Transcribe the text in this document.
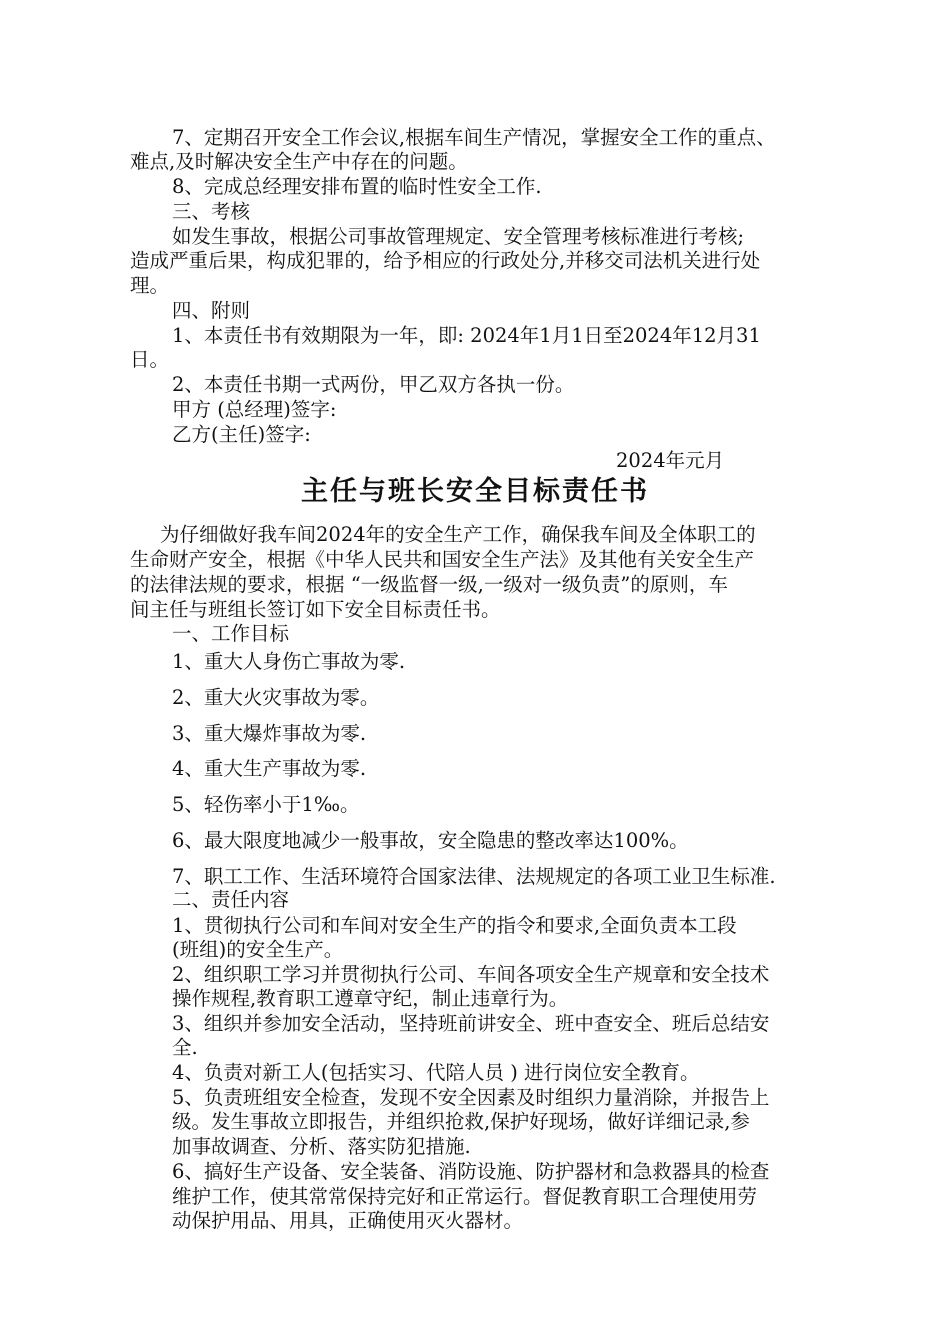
7、定期召开安全工作会议,根据车间生产情况，掌握安全工作的重点、
难点,及时解决安全生产中存在的问题。
8、完成总经理安排布置的临时性安全工作.
三、考核
如发生事故，根据公司事故管理规定、安全管理考核标准进行考核;
造成严重后果，构成犯罪的，给予相应的行政处分,并移交司法机关进行处
理。
四、附则
1、本责任书有效期限为一年，即: 2024年1月1日至2024年12月31
日。
2、本责任书期一式两份，甲乙双方各执一份。
甲方 (总经理)签字:
乙方(主任)签字:
2024年元月
主任与班长安全目标责任书
为仔细做好我车间2024年的安全生产工作，确保我车间及全体职工的
生命财产安全，根据《中华人民共和国安全生产法》及其他有关安全生产
的法律法规的要求，根据 “一级监督一级,一级对一级负责”的原则，车
间主任与班组长签订如下安全目标责任书。
一、工作目标
1、重大人身伤亡事故为零.
2、重大火灾事故为零。
3、重大爆炸事故为零.
4、重大生产事故为零.
5、轻伤率小于1‰。
6、最大限度地减少一般事故，安全隐患的整改率达100%。
7、职工工作、生活环境符合国家法律、法规规定的各项工业卫生标准.
二、责任内容
1、贯彻执行公司和车间对安全生产的指令和要求,全面负责本工段
(班组)的安全生产。
2、组织职工学习并贯彻执行公司、车间各项安全生产规章和安全技术
操作规程,教育职工遵章守纪，制止违章行为。
3、组织并参加安全活动，坚持班前讲安全、班中查安全、班后总结安
全.
4、负责对新工人(包括实习、代陪人员 ) 进行岗位安全教育。
5、负责班组安全检查，发现不安全因素及时组织力量消除，并报告上
级。发生事故立即报告，并组织抢救,保护好现场，做好详细记录,参
加事故调查、分析、落实防犯措施.
6、搞好生产设备、安全装备、消防设施、防护器材和急救器具的检查
维护工作，使其常常保持完好和正常运行。督促教育职工合理使用劳
动保护用品、用具，正确使用灭火器材。
